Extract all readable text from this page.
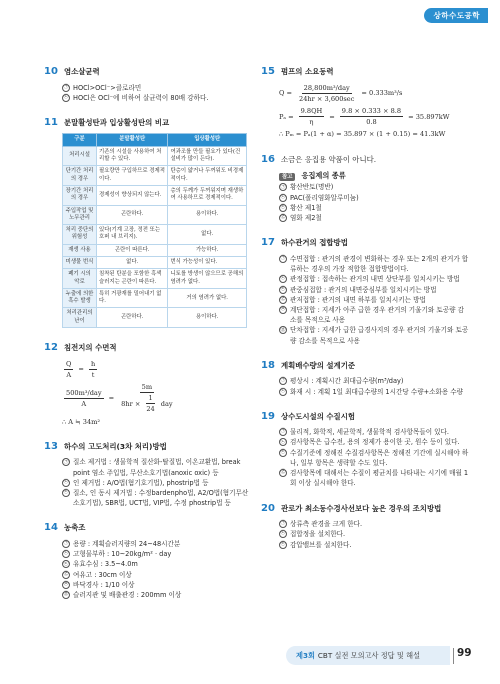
상하수도공학
10 염소살균력
㉠ HOCl>OCl⁻>클로라민
㉡ HOCl은 OCl⁻에 비하여 살균력이 80배 강하다.
11 분말활성탄과 입상활성탄의 비교
구분	분말활성탄	입상활성탄
처리시설	기존의 시설을 사용하여 처리할 수 있다.	여과조를 만들 필요가 있다(건설비가 많이 든다).
단기간 처리의 경우	필요량만 구입하므로 경제적이다.	탄층이 얇거나 두꺼워도 비경제적이다.
장기간 처리의 경우	경제성이 향상되지 않는다.	층의 두께가 두꺼워지며 재생하여 사용하므로 경제적이다.
주입작업 및 노무관리	곤란하다.	용이하다.
처리 중단의 위험성	있다(기계 고장, 정전 또는 호퍼 내 브리지).	없다.
재생 사용	곤란이 따른다.	가능하다.
미생물 번식	없다.	번식 가능성이 있다.
폐기 시의 악로	침착된 탄분을 포함한 흑색 슬러지는 곤란이 따른다.	니토를 방생이 않으므로 공해의 염려가 없다.
누출에 의한 흑수 발생	특히 거광재를 밀어내기 없다.	거의 염려가 없다.
처리관리의 난이	곤란하다.	용이하다.
12 침전지의 수면적
$\frac{Q}{A} = \frac{h}{t}$
$\frac{\text{500m³/day}}{A} = \frac{5m}{8hr \times \frac{1}{24} day}$
∴ A ≒ 34m²
13 하수의 고도처리(3차 처리)방법
㉠ 질소 제거법 : 생물학적 질산화-탈질법, 이온교환법, break point 염소 주입법, 무산소호기법(anoxic oxic) 등
㉡ 인 제거법 : A/O법(혐기호기법), phostrip법 등
㉢ 질소, 인 동시 제거법 : 수정bardenpho법, A2/O법(혐기무산소호기법), SBR법, UCT법, VIP법, 수정 phostrip법 등
14 농축조
㉠ 용량 : 계획슬러지량의 24~48시간분
㉡ 고형물부하 : 10~20kg/m² · day
㉢ 유효수심 : 3.5~4.0m
㉣ 여유고 : 30cm 이상
㉤ 바닥경사 : 1/10 이상
㉥ 슬러지관 및 배출관경 : 200mm 이상
15 펌프의 소요동력
$Q = \frac{\text{28,800m³/day}}{24hr \times 3,600\sec} = 0.333m^3/s$
$P_a = \frac{9.8QH}{\eta} = \frac{9.8 \times 0.333 \times 8.8}{0.8} = 35.897kW$
∴ Pₘ = Pₐ(1 + α) = 35.897 × (1 + 0.15) = 41.3kW
16 소금은 응집용 약품이 아니다.
참고 응집제의 종류
㉠ 황산반토(명반)
㉡ PAC(폴리염화알루미늄)
㉢ 황산 제1철
㉣ 염화 제2철
17 하수관거의 접합방법
㉠ 수면접합 : 관거의 관경이 변화하는 경우 또는 2개의 관거가 합류하는 경우의 가장 적합한 접합방법이다.
㉡ 관정접합 : 접속하는 관거의 내면 상단부를 일치시키는 방법
㉢ 관중심접합 : 관거의 내면중심부를 일치시키는 방법
㉣ 관저접합 : 관거의 내면 하부를 일치시키는 방법
㉤ 계단접합 : 지세가 아주 급한 경우 관거의 기울기와 토공량 감소를 목적으로 사용
㉥ 단차접합 : 지세가 급한 급경사지의 경우 관거의 기울기와 토공량 감소를 목적으로 사용
18 계획배수량의 설계기준
㉠ 평상시 : 계획시간 최대급수량(m³/day)
㉡ 화재 시 : 계획 1일 최대급수량의 1시간당 수량+소화용 수량
19 상수도시설의 수질시험
㉠ 물리적, 화학적, 세균학적, 생물학적 검사항목들이 있다.
㉡ 검사항목은 급수전, 용의 정제가 용이한 곳, 원수 등이 있다.
㉢ 수질기준에 정해진 수질검사항목은 정해진 기간에 실시해야 하나, 일부 항목은 생략할 수도 있다.
㉣ 검사항목에 대해서는 수질이 평균치를 나타내는 시기에 매월 1회 이상 실시해야 한다.
20 관로가 최소동수경사선보다 높은 경우의 조치방법
㉠ 상류측 관경을 크게 한다.
㉡ 접합정을 설치한다.
㉢ 감압밸브를 설치한다.
제3회 CBT 실전 모의고사 정답 및 해설	99
